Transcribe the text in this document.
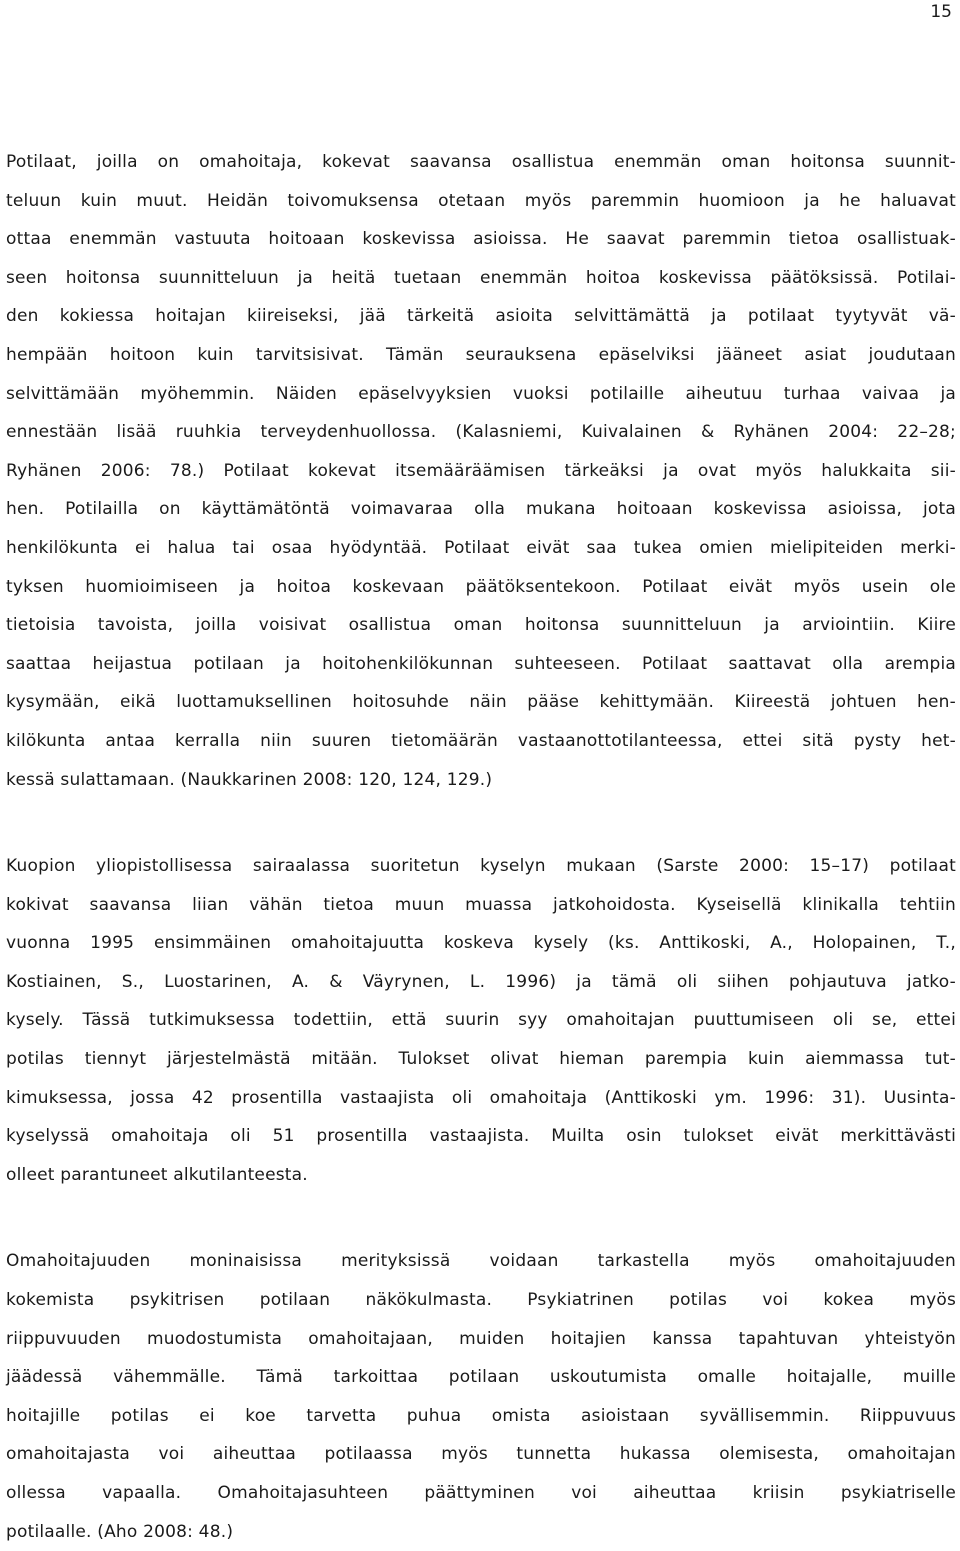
15
Potilaat, joilla on omahoitaja, kokevat saavansa osallistua enemmän oman hoitonsa suunnit-
teluun kuin muut. Heidän toivomuksensa otetaan myös paremmin huomioon ja he haluavat
ottaa enemmän vastuuta hoitoaan koskevissa asioissa. He saavat paremmin tietoa osallistuak-
seen hoitonsa suunnitteluun ja heitä tuetaan enemmän hoitoa koskevissa päätöksissä. Potilai-
den kokiessa hoitajan kiireiseksi, jää tärkeitä asioita selvittämättä ja potilaat tyytyvät vä-
hempään hoitoon kuin tarvitsisivat. Tämän seurauksena epäselviksi jääneet asiat joudutaan
selvittämään myöhemmin. Näiden epäselvyyksien vuoksi potilaille aiheutuu turhaa vaivaa ja
ennestään lisää ruuhkia terveydenhuollossa. (Kalasniemi, Kuivalainen & Ryhänen 2004: 22–28;
Ryhänen 2006: 78.) Potilaat kokevat itsemääräämisen tärkeäksi ja ovat myös halukkaita sii-
hen. Potilailla on käyttämätöntä voimavaraa olla mukana hoitoaan koskevissa asioissa, jota
henkilökunta ei halua tai osaa hyödyntää. Potilaat eivät saa tukea omien mielipiteiden merki-
tyksen huomioimiseen ja hoitoa koskevaan päätöksentekoon. Potilaat eivät myös usein ole
tietoisia tavoista, joilla voisivat osallistua oman hoitonsa suunnitteluun ja arviointiin. Kiire
saattaa heijastua potilaan ja hoitohenkilökunnan suhteeseen. Potilaat saattavat olla arempia
kysymään, eikä luottamuksellinen hoitosuhde näin pääse kehittymään. Kiireestä johtuen hen-
kilökunta antaa kerralla niin suuren tietomäärän vastaanottotilanteessa, ettei sitä pysty het-
kessä sulattamaan. (Naukkarinen 2008: 120, 124, 129.)
Kuopion yliopistollisessa sairaalassa suoritetun kyselyn mukaan (Sarste 2000: 15–17) potilaat
kokivat saavansa liian vähän tietoa muun muassa jatkohoidosta. Kyseisellä klinikalla tehtiin
vuonna 1995 ensimmäinen omahoitajuutta koskeva kysely (ks. Anttikoski, A., Holopainen, T.,
Kostiainen, S., Luostarinen, A. & Väyrynen, L. 1996) ja tämä oli siihen pohjautuva jatko-
kysely. Tässä tutkimuksessa todettiin, että suurin syy omahoitajan puuttumiseen oli se, ettei
potilas tiennyt järjestelmästä mitään. Tulokset olivat hieman parempia kuin aiemmassa tut-
kimuksessa, jossa 42 prosentilla vastaajista oli omahoitaja (Anttikoski ym. 1996: 31). Uusinta-
kyselyssä omahoitaja oli 51 prosentilla vastaajista. Muilta osin tulokset eivät merkittävästi
olleet parantuneet alkutilanteesta.
Omahoitajuuden moninaisissa merityksissä voidaan tarkastella myös omahoitajuuden
kokemista psykitrisen potilaan näkökulmasta. Psykiatrinen potilas voi kokea myös
riippuvuuden muodostumista omahoitajaan, muiden hoitajien kanssa tapahtuvan yhteistyön
jäädessä vähemmälle. Tämä tarkoittaa potilaan uskoutumista omalle hoitajalle, muille
hoitajille potilas ei koe tarvetta puhua omista asioistaan syvällisemmin. Riippuvuus
omahoitajasta voi aiheuttaa potilaassa myös tunnetta hukassa olemisesta, omahoitajan
ollessa vapaalla. Omahoitajasuhteen päättyminen voi aiheuttaa kriisin psykiatriselle
potilaalle. (Aho 2008: 48.)
